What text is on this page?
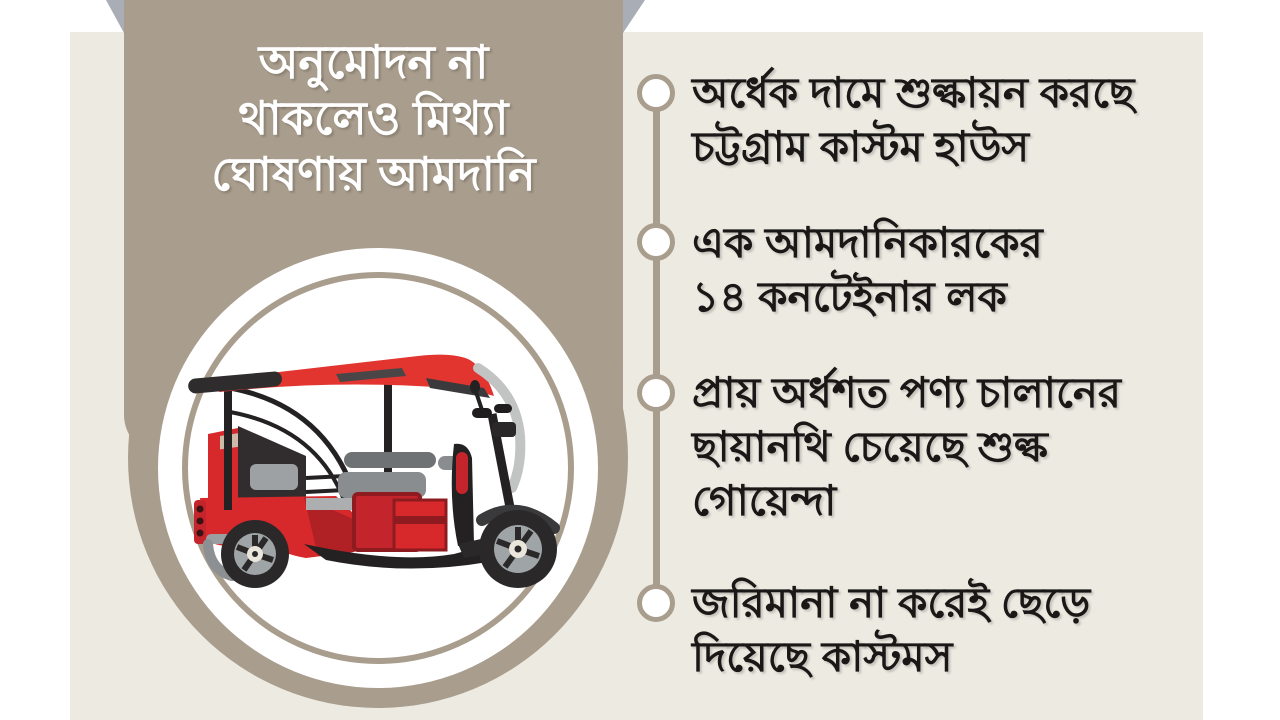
অনুমোদন না
থাকলেও মিথ্যা
ঘোষণায় আমদানি
অর্ধেক দামে শুল্কায়ন করছে
চট্টগ্রাম কাস্টম হাউস
এক আমদানিকারকের
১৪ কনটেইনার লক
প্রায় অর্ধশত পণ্য চালানের
ছায়ানথি চেয়েছে শুল্ক
গোয়েন্দা
জরিমানা না করেই ছেড়ে
দিয়েছে কাস্টমস
